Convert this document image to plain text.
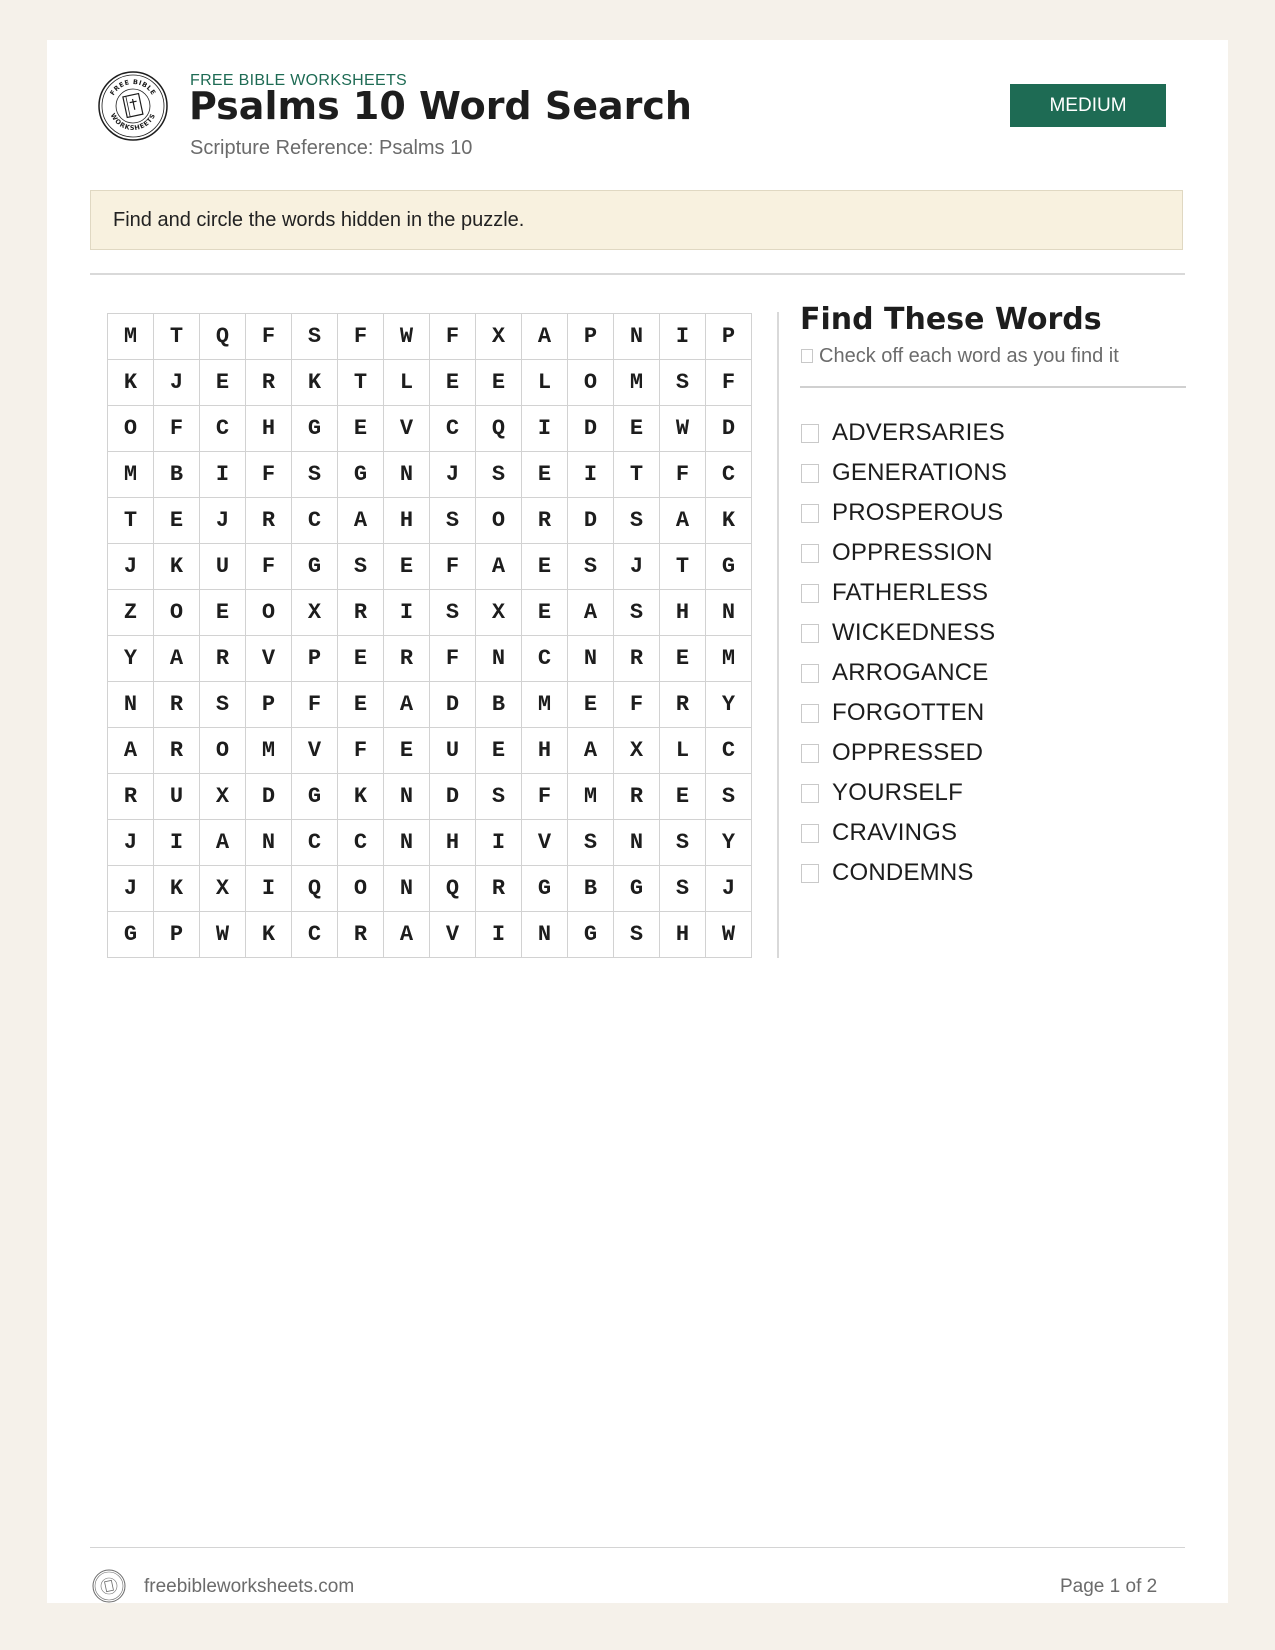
FREE BIBLE
WORKSHEETS
FREE BIBLE WORKSHEETS
Psalms 10 Word Search
Scripture Reference: Psalms 10
MEDIUM
Find and circle the words hidden in the puzzle.
M	T	Q	F	S	F	W	F	X	A	P	N	I	P
K	J	E	R	K	T	L	E	E	L	O	M	S	F
O	F	C	H	G	E	V	C	Q	I	D	E	W	D
M	B	I	F	S	G	N	J	S	E	I	T	F	C
T	E	J	R	C	A	H	S	O	R	D	S	A	K
J	K	U	F	G	S	E	F	A	E	S	J	T	G
Z	O	E	O	X	R	I	S	X	E	A	S	H	N
Y	A	R	V	P	E	R	F	N	C	N	R	E	M
N	R	S	P	F	E	A	D	B	M	E	F	R	Y
A	R	O	M	V	F	E	U	E	H	A	X	L	C
R	U	X	D	G	K	N	D	S	F	M	R	E	S
J	I	A	N	C	C	N	H	I	V	S	N	S	Y
J	K	X	I	Q	O	N	Q	R	G	B	G	S	J
G	P	W	K	C	R	A	V	I	N	G	S	H	W
Find These Words
Check off each word as you find it
ADVERSARIES
GENERATIONS
PROSPEROUS
OPPRESSION
FATHERLESS
WICKEDNESS
ARROGANCE
FORGOTTEN
OPPRESSED
YOURSELF
CRAVINGS
CONDEMNS
freebibleworksheets.com	Page 1 of 2
